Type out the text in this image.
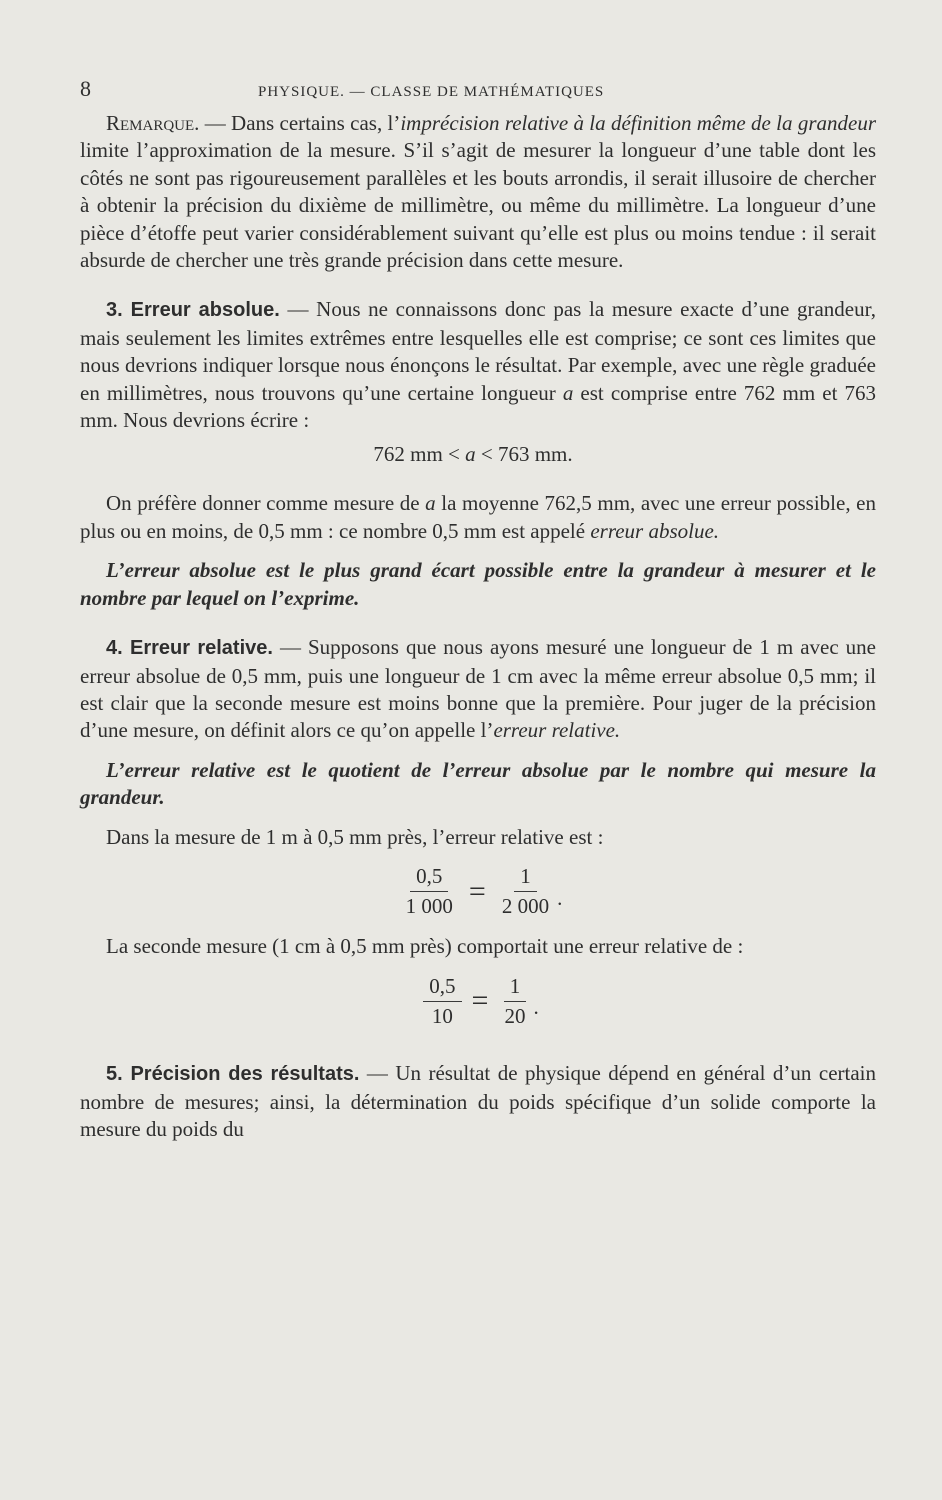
8	PHYSIQUE. — CLASSE DE MATHÉMATIQUES

Remarque. — Dans certains cas, l’imprécision relative à la définition même de la grandeur limite l’approximation de la mesure. S’il s’agit de mesurer la longueur d’une table dont les côtés ne sont pas rigoureusement parallèles et les bouts arrondis, il serait illusoire de chercher à obtenir la précision du dixième de millimètre, ou même du millimètre. La longueur d’une pièce d’étoffe peut varier considérablement suivant qu’elle est plus ou moins tendue : il serait absurde de chercher une très grande précision dans cette mesure.

3. Erreur absolue. — Nous ne connaissons donc pas la mesure exacte d’une grandeur, mais seulement les limites extrêmes entre lesquelles elle est comprise; ce sont ces limites que nous devrions indiquer lorsque nous énonçons le résultat. Par exemple, avec une règle graduée en millimètres, nous trouvons qu’une certaine longueur a est comprise entre 762 mm et 763 mm. Nous devrions écrire :

762 mm < a < 763 mm.

On préfère donner comme mesure de a la moyenne 762,5 mm, avec une erreur possible, en plus ou en moins, de 0,5 mm : ce nombre 0,5 mm est appelé erreur absolue.

L’erreur absolue est le plus grand écart possible entre la grandeur à mesurer et le nombre par lequel on l’exprime.

4. Erreur relative. — Supposons que nous ayons mesuré une longueur de 1 m avec une erreur absolue de 0,5 mm, puis une longueur de 1 cm avec la même erreur absolue 0,5 mm; il est clair que la seconde mesure est moins bonne que la première. Pour juger de la précision d’une mesure, on définit alors ce qu’on appelle l’erreur relative.

L’erreur relative est le quotient de l’erreur absolue par le nombre qui mesure la grandeur.

Dans la mesure de 1 m à 0,5 mm près, l’erreur relative est :

$\frac{0,5}{1 000} = \frac{1}{2 000}$ .

La seconde mesure (1 cm à 0,5 mm près) comportait une erreur relative de :

$\frac{0,5}{10} = \frac{1}{20}$ .

5. Précision des résultats. — Un résultat de physique dépend en général d’un certain nombre de mesures; ainsi, la détermination du poids spécifique d’un solide comporte la mesure du poids du
